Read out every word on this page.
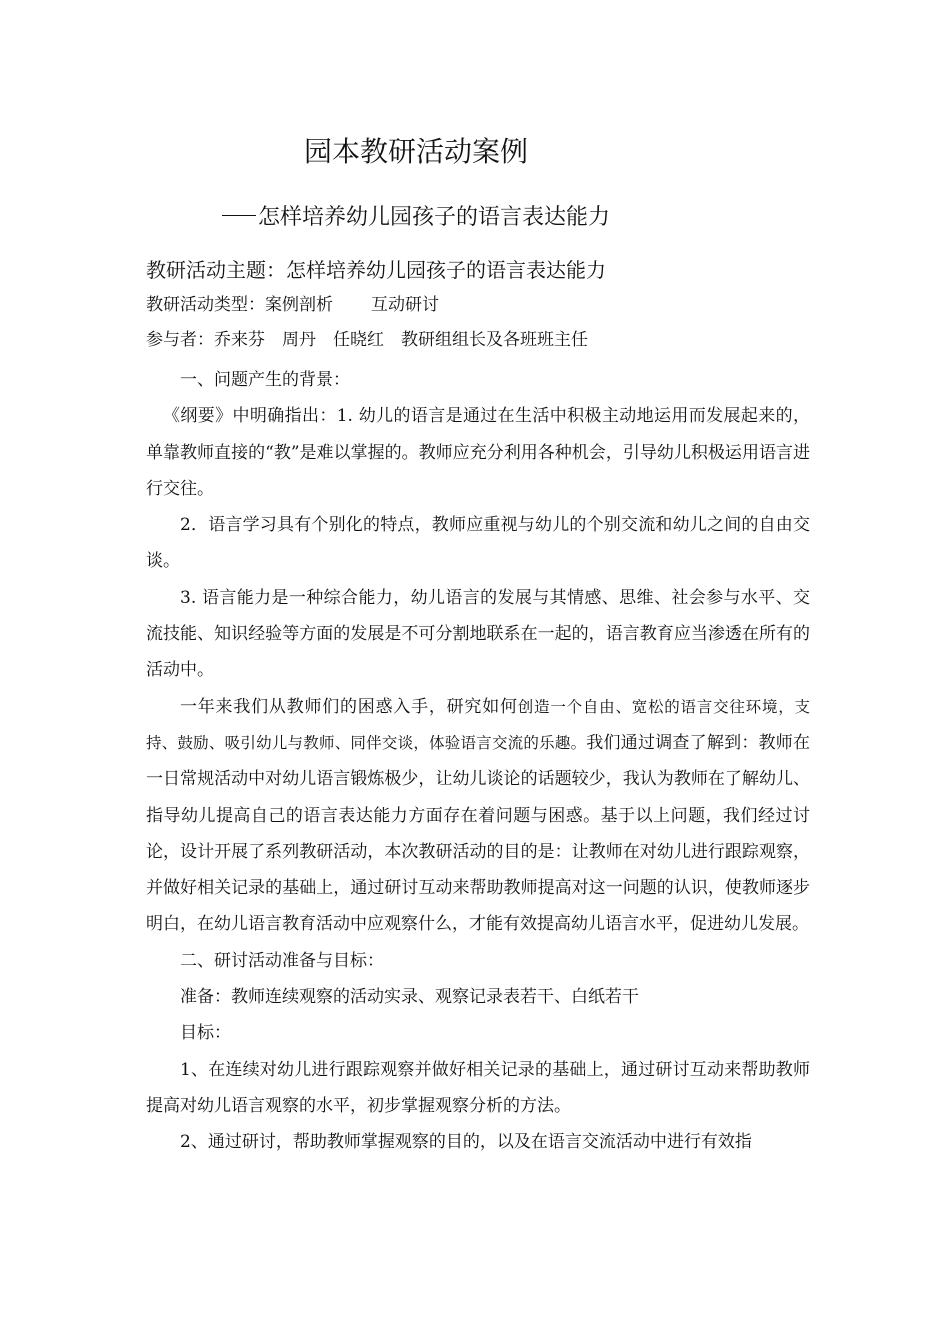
园本教研活动案例
怎样培养幼儿园孩子的语言表达能力
教研活动主题：怎样培养幼儿园孩子的语言表达能力
教研活动类型：案例剖析 互动研讨
参与者：乔来芬　周丹　任晓红　教研组组长及各班班主任

一、问题产生的背景：

《纲要》中明确指出：1. 幼儿的语言是通过在生活中积极主动地运用而发展起来的，单靠教师直接的“教”是难以掌握的。教师应充分利用各种机会，引导幼儿积极运用语言进行交往。

2．语言学习具有个别化的特点，教师应重视与幼儿的个别交流和幼儿之间的自由交谈。

3. 语言能力是一种综合能力，幼儿语言的发展与其情感、思维、社会参与水平、交流技能、知识经验等方面的发展是不可分割地联系在一起的，语言教育应当渗透在所有的活动中。

一年来我们从教师们的困惑入手，研究如何创造一个自由、宽松的语言交往环境，支持、鼓励、吸引幼儿与教师、同伴交谈，体验语言交流的乐趣。我们通过调查了解到：教师在一日常规活动中对幼儿语言锻炼极少，让幼儿谈论的话题较少，我认为教师在了解幼儿、指导幼儿提高自己的语言表达能力方面存在着问题与困惑。基于以上问题，我们经过讨论，设计开展了系列教研活动，本次教研活动的目的是：让教师在对幼儿进行跟踪观察，并做好相关记录的基础上，通过研讨互动来帮助教师提高对这一问题的认识，使教师逐步明白，在幼儿语言教育活动中应观察什么，才能有效提高幼儿语言水平，促进幼儿发展。

二、研讨活动准备与目标：

准备：教师连续观察的活动实录、观察记录表若干、白纸若干

目标：

1、在连续对幼儿进行跟踪观察并做好相关记录的基础上，通过研讨互动来帮助教师提高对幼儿语言观察的水平，初步掌握观察分析的方法。

2、通过研讨，帮助教师掌握观察的目的，以及在语言交流活动中进行有效指
